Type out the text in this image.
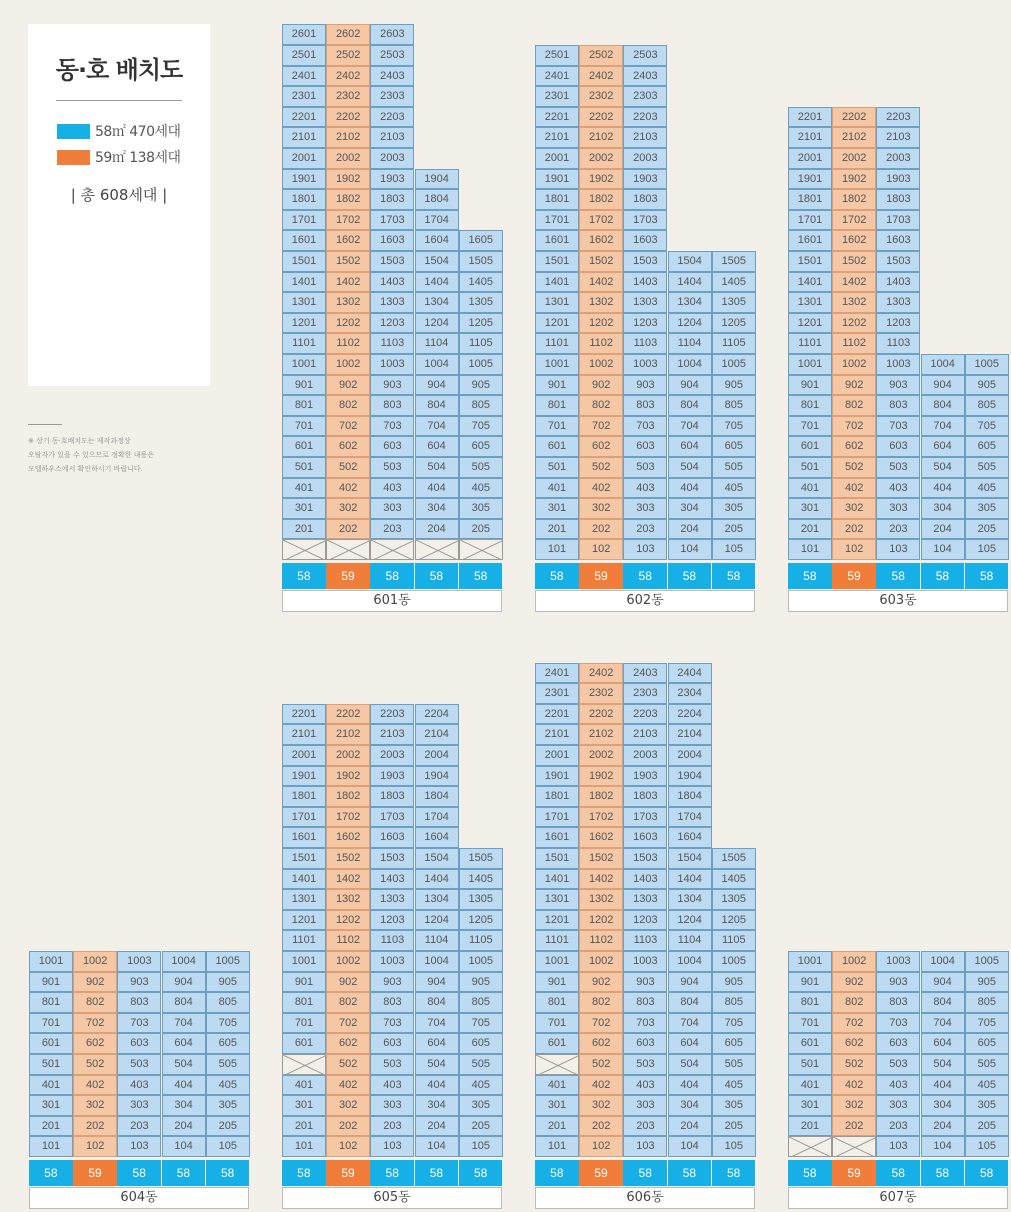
동·호 배치도
58㎡ 470세대
59㎡ 138세대
| 총 608세대 |
※ 상기 동·호배치도는 제작과정상
오탈자가 있을 수 있으므로 정확한 내용은
모델하우스에서 확인하시기 바랍니다.
201
301
401
501
601
701
801
901
1001
1101
1201
1301
1401
1501
1601
1701
1801
1901
2001
2101
2201
2301
2401
2501
2601
58
202
302
402
502
602
702
802
902
1002
1102
1202
1302
1402
1502
1602
1702
1802
1902
2002
2102
2202
2302
2402
2502
2602
59
203
303
403
503
603
703
803
903
1003
1103
1203
1303
1403
1503
1603
1703
1803
1903
2003
2103
2203
2303
2403
2503
2603
58
204
304
404
504
604
704
804
904
1004
1104
1204
1304
1404
1504
1604
1704
1804
1904
58
205
305
405
505
605
705
805
905
1005
1105
1205
1305
1405
1505
1605
58
601동
101
201
301
401
501
601
701
801
901
1001
1101
1201
1301
1401
1501
1601
1701
1801
1901
2001
2101
2201
2301
2401
2501
58
102
202
302
402
502
602
702
802
902
1002
1102
1202
1302
1402
1502
1602
1702
1802
1902
2002
2102
2202
2302
2402
2502
59
103
203
303
403
503
603
703
803
903
1003
1103
1203
1303
1403
1503
1603
1703
1803
1903
2003
2103
2203
2303
2403
2503
58
104
204
304
404
504
604
704
804
904
1004
1104
1204
1304
1404
1504
58
105
205
305
405
505
605
705
805
905
1005
1105
1205
1305
1405
1505
58
602동
101
201
301
401
501
601
701
801
901
1001
1101
1201
1301
1401
1501
1601
1701
1801
1901
2001
2101
2201
58
102
202
302
402
502
602
702
802
902
1002
1102
1202
1302
1402
1502
1602
1702
1802
1902
2002
2102
2202
59
103
203
303
403
503
603
703
803
903
1003
1103
1203
1303
1403
1503
1603
1703
1803
1903
2003
2103
2203
58
104
204
304
404
504
604
704
804
904
1004
58
105
205
305
405
505
605
705
805
905
1005
58
603동
101
201
301
401
501
601
701
801
901
1001
58
102
202
302
402
502
602
702
802
902
1002
59
103
203
303
403
503
603
703
803
903
1003
58
104
204
304
404
504
604
704
804
904
1004
58
105
205
305
405
505
605
705
805
905
1005
58
604동
101
201
301
401
601
701
801
901
1001
1101
1201
1301
1401
1501
1601
1701
1801
1901
2001
2101
2201
58
102
202
302
402
502
602
702
802
902
1002
1102
1202
1302
1402
1502
1602
1702
1802
1902
2002
2102
2202
59
103
203
303
403
503
603
703
803
903
1003
1103
1203
1303
1403
1503
1603
1703
1803
1903
2003
2103
2203
58
104
204
304
404
504
604
704
804
904
1004
1104
1204
1304
1404
1504
1604
1704
1804
1904
2004
2104
2204
58
105
205
305
405
505
605
705
805
905
1005
1105
1205
1305
1405
1505
58
605동
101
201
301
401
601
701
801
901
1001
1101
1201
1301
1401
1501
1601
1701
1801
1901
2001
2101
2201
2301
2401
58
102
202
302
402
502
602
702
802
902
1002
1102
1202
1302
1402
1502
1602
1702
1802
1902
2002
2102
2202
2302
2402
59
103
203
303
403
503
603
703
803
903
1003
1103
1203
1303
1403
1503
1603
1703
1803
1903
2003
2103
2203
2303
2403
58
104
204
304
404
504
604
704
804
904
1004
1104
1204
1304
1404
1504
1604
1704
1804
1904
2004
2104
2204
2304
2404
58
105
205
305
405
505
605
705
805
905
1005
1105
1205
1305
1405
1505
58
606동
201
301
401
501
601
701
801
901
1001
58
202
302
402
502
602
702
802
902
1002
59
103
203
303
403
503
603
703
803
903
1003
58
104
204
304
404
504
604
704
804
904
1004
58
105
205
305
405
505
605
705
805
905
1005
58
607동
